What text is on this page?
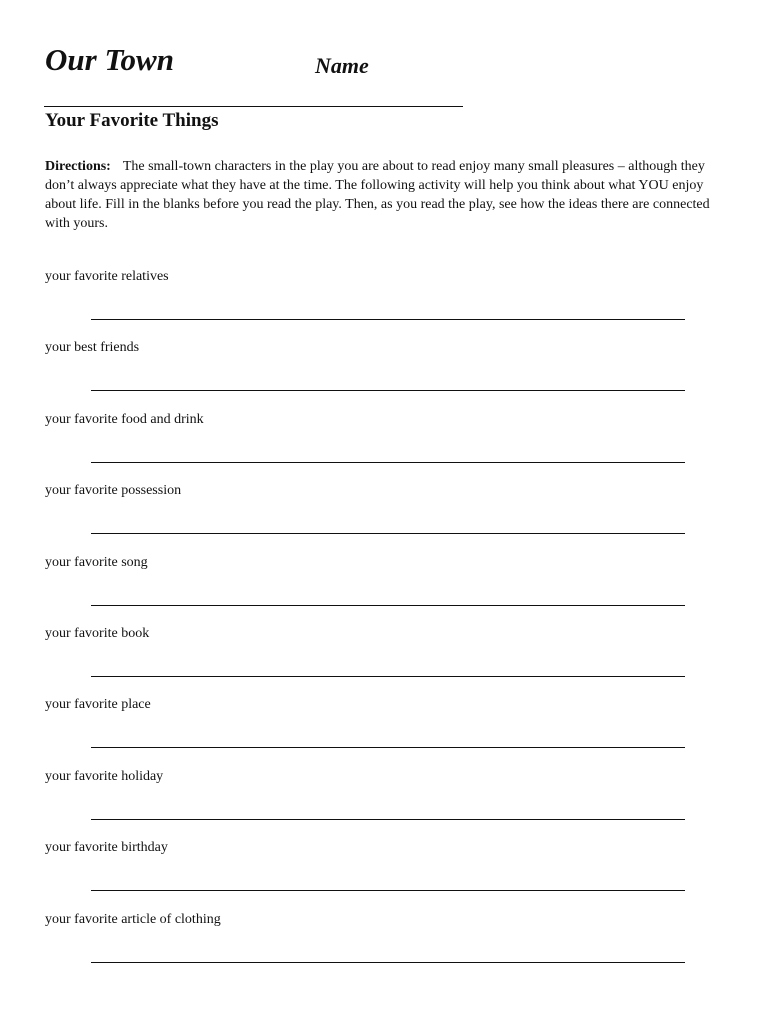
Our Town	Name
Your Favorite Things

Directions: The small-town characters in the play you are about to read enjoy many small pleasures – although they don’t always appreciate what they have at the time. The following activity will help you think about what YOU enjoy about life. Fill in the blanks before you read the play. Then, as you read the play, see how the ideas there are connected with yours.

your favorite relatives
your best friends
your favorite food and drink
your favorite possession
your favorite song
your favorite book
your favorite place
your favorite holiday
your favorite birthday
your favorite article of clothing
